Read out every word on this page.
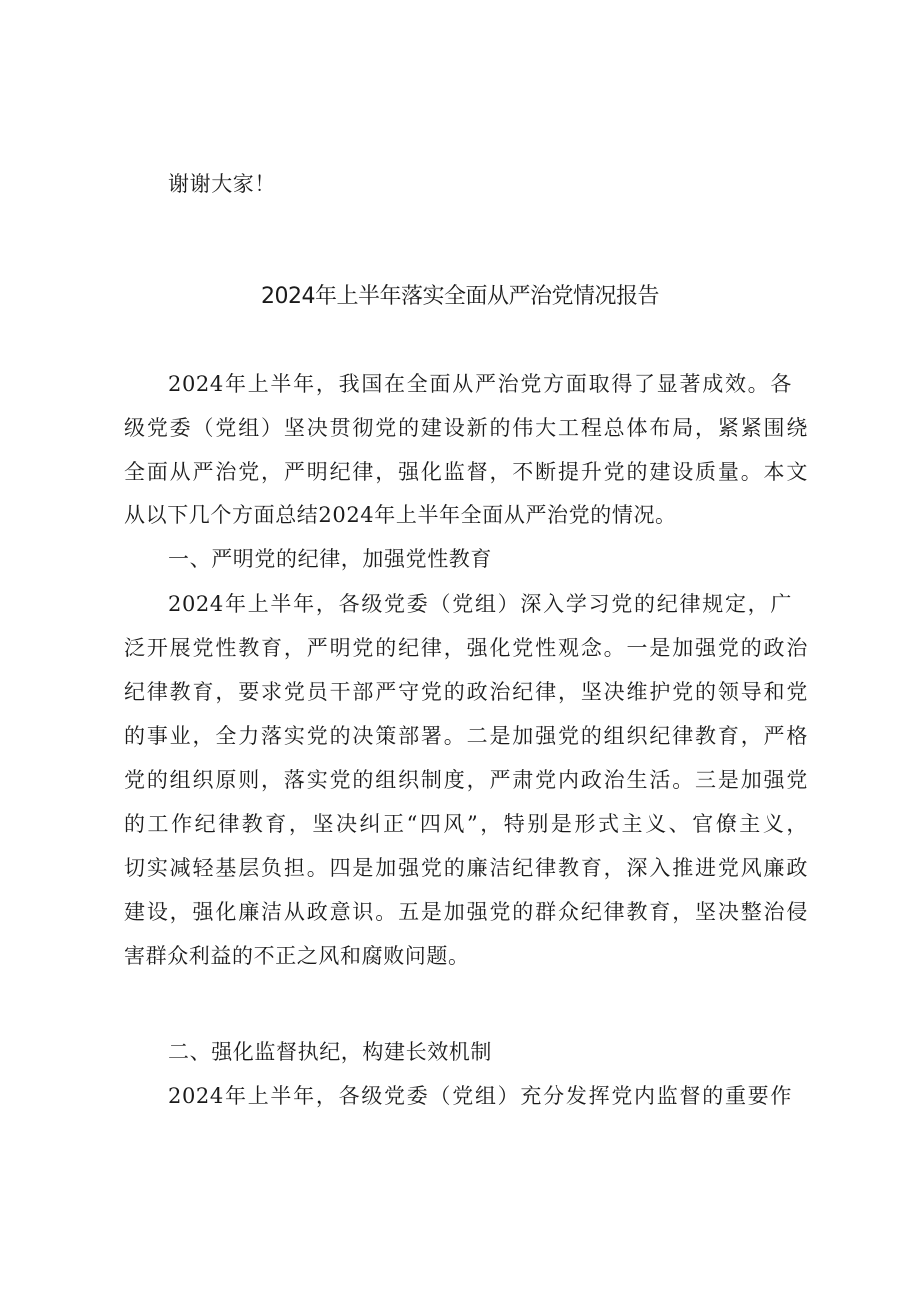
谢谢大家！

2024年上半年落实全面从严治党情况报告

2024年上半年，我国在全面从严治党方面取得了显著成效。各

级党委（党组）坚决贯彻党的建设新的伟大工程总体布局，紧紧围绕

全面从严治党，严明纪律，强化监督，不断提升党的建设质量。本文

从以下几个方面总结2024年上半年全面从严治党的情况。

一、严明党的纪律，加强党性教育

2024年上半年，各级党委（党组）深入学习党的纪律规定，广

泛开展党性教育，严明党的纪律，强化党性观念。一是加强党的政治

纪律教育，要求党员干部严守党的政治纪律，坚决维护党的领导和党

的事业，全力落实党的决策部署。二是加强党的组织纪律教育，严格

党的组织原则，落实党的组织制度，严肃党内政治生活。三是加强党

的工作纪律教育，坚决纠正“四风”，特别是形式主义、官僚主义，

切实减轻基层负担。四是加强党的廉洁纪律教育，深入推进党风廉政

建设，强化廉洁从政意识。五是加强党的群众纪律教育，坚决整治侵

害群众利益的不正之风和腐败问题。

二、强化监督执纪，构建长效机制

2024年上半年，各级党委（党组）充分发挥党内监督的重要作
